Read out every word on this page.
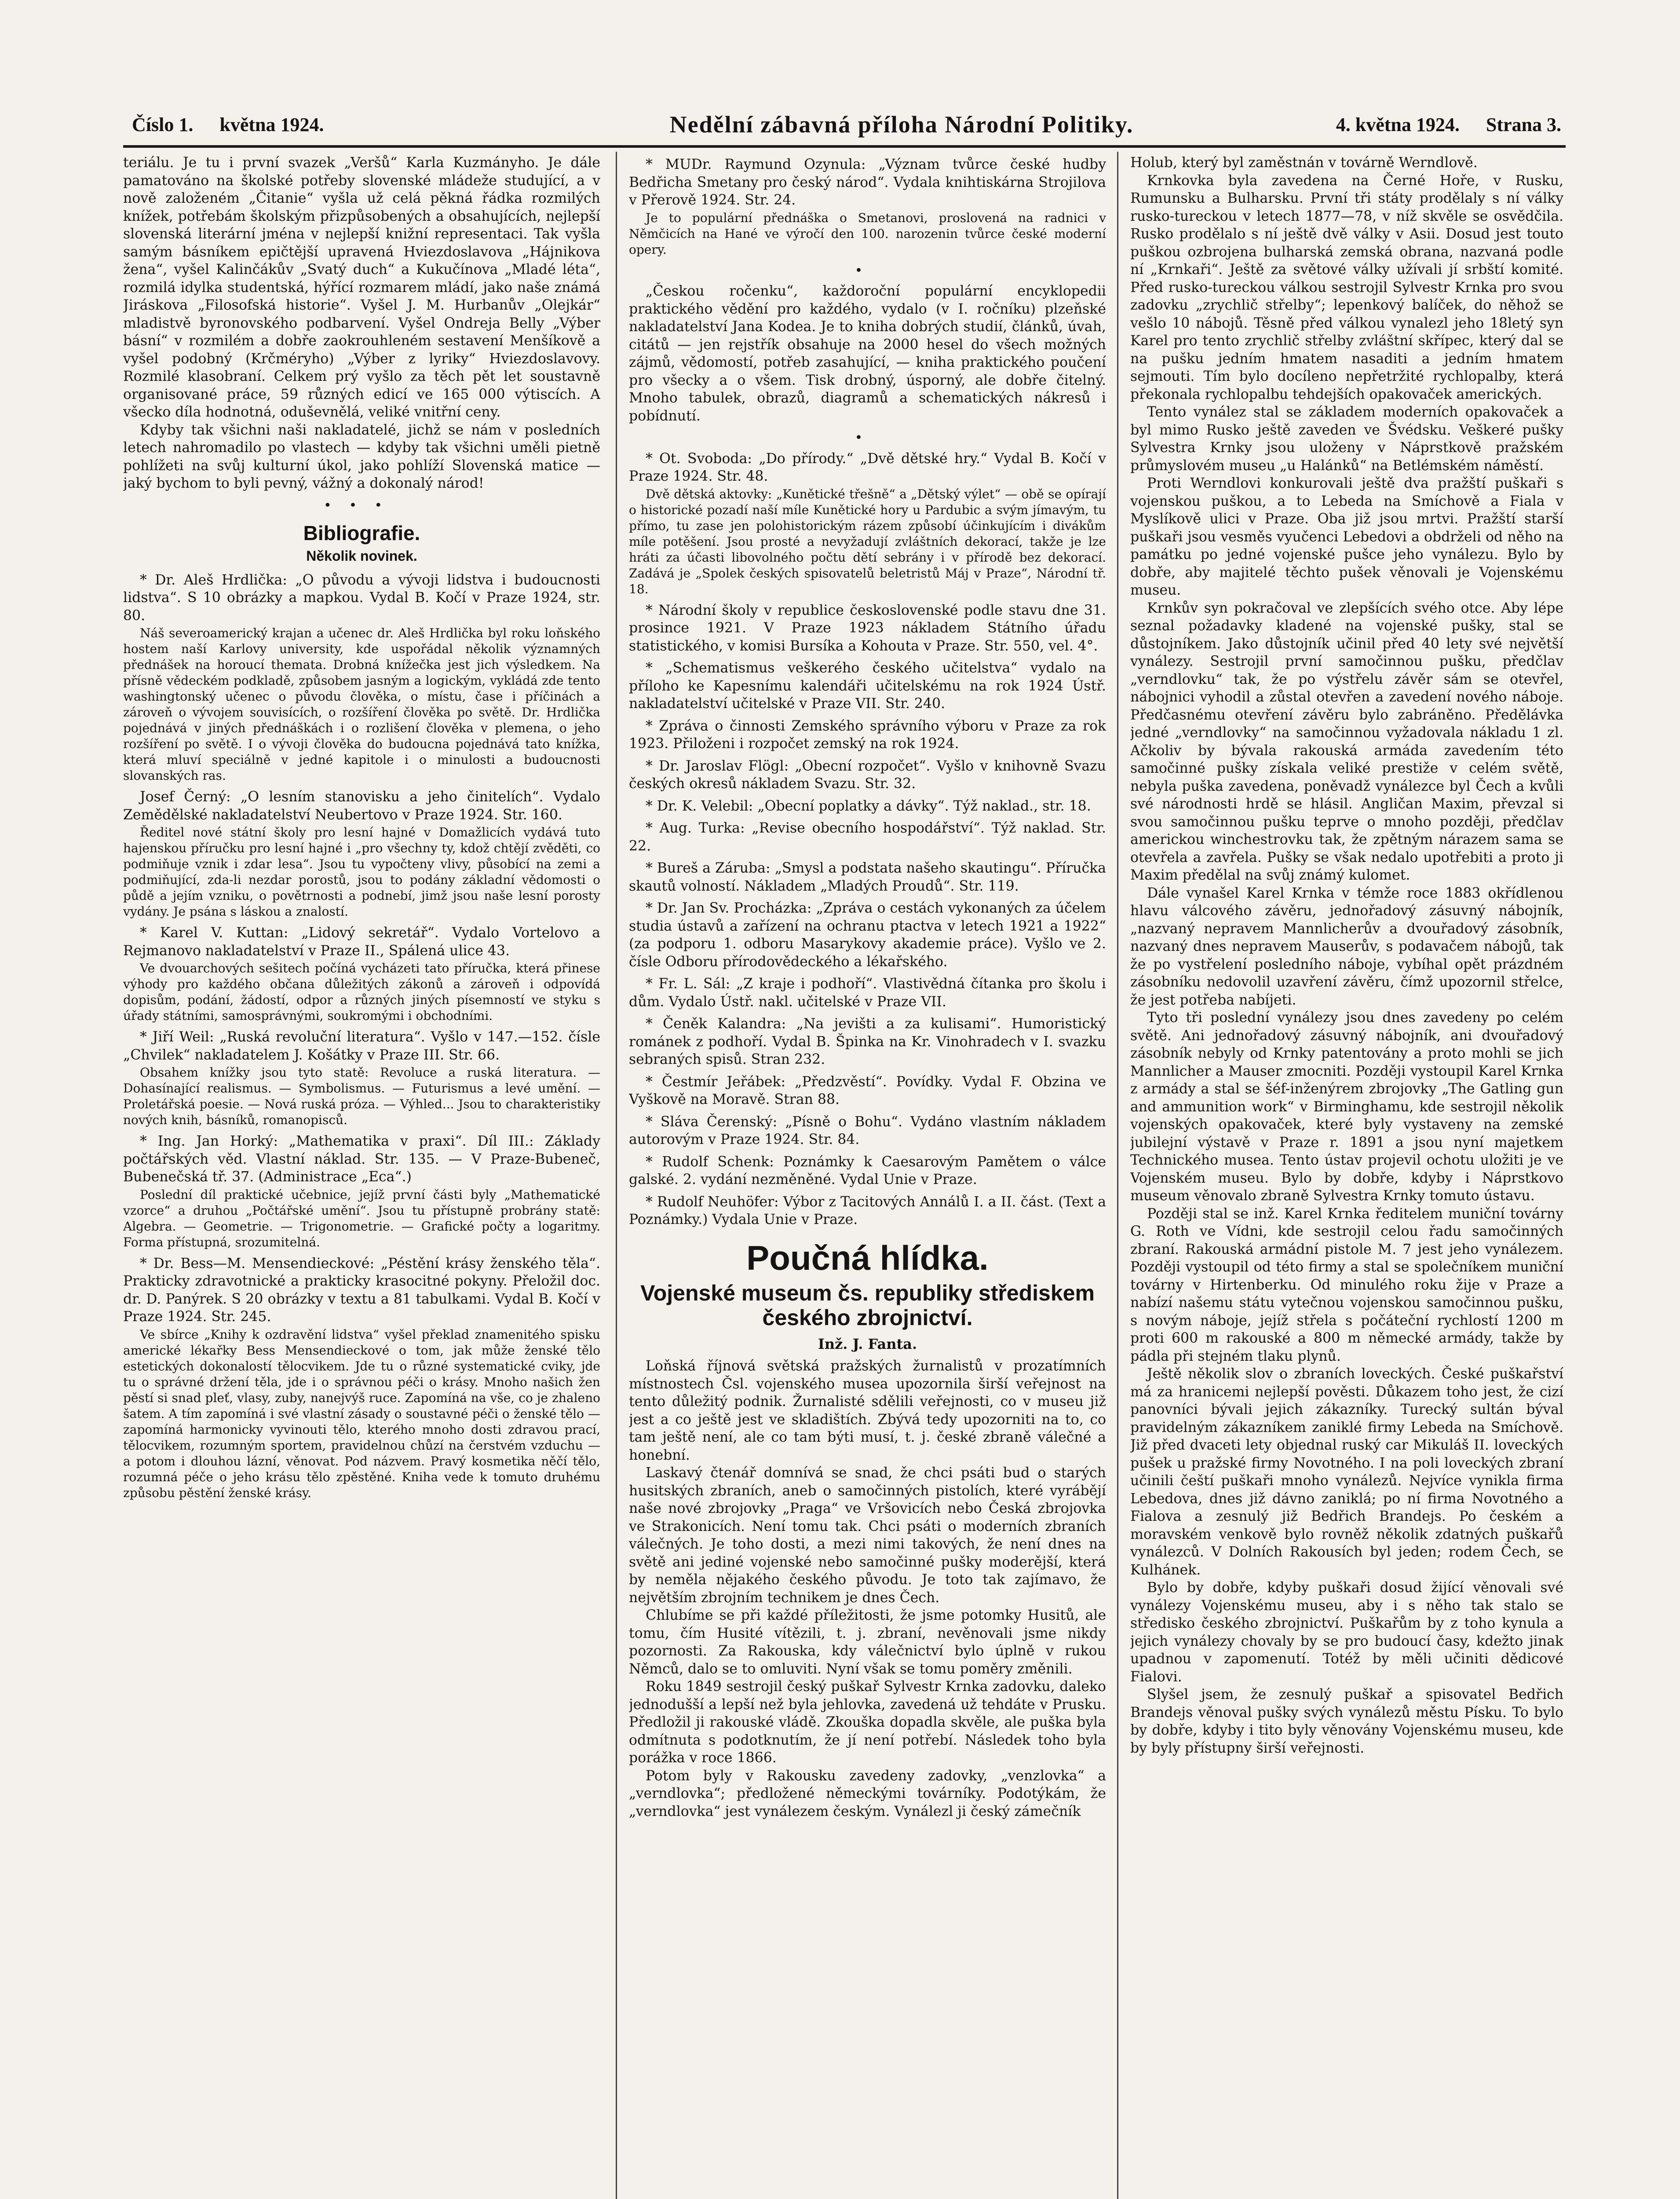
Číslo 1. května 1924.	Nedělní zábavná příloha Národní Politiky.	4. května 1924. Strana 3.

teriálu. Je tu i první svazek „Veršů“ Karla Kuzmányho. Je dále pamatováno na školské potřeby slovenské mládeže studující, a v nově založeném „Čitanie“ vyšla už celá pěkná řádka rozmilých knížek, potřebám školským přizpůsobených a obsahujících, nejlepší slovenská literární jména v nejlepší knižní representaci. Tak vyšla samým básníkem epičtější upravená Hviezdoslavova „Hájnikova žena“, vyšel Kalinčákův „Svatý duch“ a Kukučínova „Mladé léta“, rozmilá idylka studentská, hýřící rozmarem mládí, jako naše známá Jiráskova „Filosofská historie“. Vyšel J. M. Hurbanův „Olejkár“ mladistvě byronovského podbarvení. Vyšel Ondreja Belly „Výber básní“ v rozmilém a dobře zaokrouhleném sestavení Menšíkově a vyšel podobný (Krčméryho) „Výber z lyriky“ Hviezdoslavovy. Rozmilé klasobraní. Celkem prý vyšlo za těch pět let soustavně organisované práce, 59 různých edicí ve 165 000 výtiscích. A všecko díla hodnotná, oduševnělá, veliké vnitřní ceny.

Kdyby tak všichni naši nakladatelé, jichž se nám v posledních letech nahromadilo po vlastech — kdyby tak všichni uměli pietně pohlížeti na svůj kulturní úkol, jako pohlíží Slovenská matice — jaký bychom to byli pevný, vážný a dokonalý národ!

•••
Bibliografie.
Několik novinek.

* Dr. Aleš Hrdlička: „O původu a vývoji lidstva i budoucnosti lidstva“. S 10 obrázky a mapkou. Vydal B. Kočí v Praze 1924, str. 80.

Náš severoamerický krajan a učenec dr. Aleš Hrdlička byl roku loňského hostem naší Karlovy university, kde uspořádal několik významných přednášek na horoucí themata. Drobná knížečka jest jich výsledkem. Na přísně vědeckém podkladě, způsobem jasným a logickým, vykládá zde tento washingtonský učenec o původu člověka, o místu, čase i příčinách a zároveň o vývojem souvisících, o rozšíření člověka po světě. Dr. Hrdlička pojednává v jiných přednáškách i o rozlišení člověka v plemena, o jeho rozšíření po světě. I o vývoji člověka do budoucna pojednává tato knížka, která mluví speciálně v jedné kapitole i o minulosti a budoucnosti slovanských ras.

Josef Černý: „O lesním stanovisku a jeho činitelích“. Vydalo Zemědělské nakladatelství Neubertovo v Praze 1924. Str. 160.

Ředitel nové státní školy pro lesní hajné v Domažlicích vydává tuto hajenskou příručku pro lesní hajné i „pro všechny ty, kdož chtějí zvěděti, co podmiňuje vznik i zdar lesa“. Jsou tu vypočteny vlivy, působící na zemi a podmiňující, zda-li nezdar porostů, jsou to podány základní vědomosti o půdě a jejím vzniku, o povětrnosti a podnebí, jimž jsou naše lesní porosty vydány. Je psána s láskou a znalostí.

* Karel V. Kuttan: „Lidový sekretář“. Vydalo Vortelovo a Rejmanovo nakladatelství v Praze II., Spálená ulice 43.

Ve dvouarchových sešitech počíná vycházeti tato příručka, která přinese výhody pro každého občana důležitých zákonů a zároveň i odpovídá dopisům, podání, žádostí, odpor a různých jiných písemností ve styku s úřady státními, samosprávnými, soukromými i obchodními.

* Jiří Weil: „Ruská revoluční literatura“. Vyšlo v 147.—152. čísle „Chvilek“ nakladatelem J. Košátky v Praze III. Str. 66.

Obsahem knížky jsou tyto statě: Revoluce a ruská literatura. — Dohasínající realismus. — Symbolismus. — Futurismus a levé umění. — Proletářská poesie. — Nová ruská próza. — Výhled... Jsou to charakteristiky nových knih, básníků, romanopisců.

* Ing. Jan Horký: „Mathematika v praxi“. Díl III.: Základy počtářských věd. Vlastní náklad. Str. 135. — V Praze-Bubeneč, Bubenečská tř. 37. (Administrace „Eca“.)

Poslední díl praktické učebnice, jejíž první části byly „Mathematické vzorce“ a druhou „Počtářské umění“. Jsou tu přístupně probrány statě: Algebra. — Geometrie. — Trigonometrie. — Grafické počty a logaritmy. Forma přístupná, srozumitelná.

* Dr. Bess—M. Mensendieckové: „Péstění krásy ženského těla“. Prakticky zdravotnické a prakticky krasocitné pokyny. Přeložil doc. dr. D. Panýrek. S 20 obrázky v textu a 81 tabulkami. Vydal B. Kočí v Praze 1924. Str. 245.

Ve sbírce „Knihy k ozdravění lidstva“ vyšel překlad znamenitého spisku americké lékařky Bess Mensendieckové o tom, jak může ženské tělo estetických dokonalostí tělocvikem. Jde tu o různé systematické cviky, jde tu o správné držení těla, jde i o správnou péči o krásy. Mnoho našich žen pěstí si snad pleť, vlasy, zuby, nanejvýš ruce. Zapomíná na vše, co je zhaleno šatem. A tím zapomíná i své vlastní zásady o soustavné péči o ženské tělo — zapomíná harmonicky vyvinouti tělo, kterého mnoho dosti zdravou prací, tělocvikem, rozumným sportem, pravidelnou chůzí na čerstvém vzduchu — a potom i dlouhou lázní, věnovat. Pod názvem. Pravý kosmetika něčí tělo, rozumná péče o jeho krásu tělo zpěstěné. Kniha vede k tomuto druhému způsobu pěstění ženské krásy.

* MUDr. Raymund Ozynula: „Význam tvůrce české hudby Bedřicha Smetany pro český národ“. Vydala knihtiskárna Strojilova v Přerově 1924. Str. 24.

Je to populární přednáška o Smetanovi, proslovená na radnici v Němčicích na Hané ve výročí den 100. narozenin tvůrce české moderní opery.

•

„Českou ročenku“, každoroční populární encyklopedii praktického vědění pro každého, vydalo (v I. ročníku) plzeňské nakladatelství Jana Kodea. Je to kniha dobrých studií, článků, úvah, citátů — jen rejstřík obsahuje na 2000 hesel do všech možných zájmů, vědomostí, potřeb zasahující, — kniha praktického poučení pro všecky a o všem. Tisk drobný, úsporný, ale dobře čitelný. Mnoho tabulek, obrazů, diagramů a schematických nákresů i pobídnutí.

•

* Ot. Svoboda: „Do přírody.“ „Dvě dětské hry.“ Vydal B. Kočí v Praze 1924. Str. 48.

Dvě dětská aktovky: „Kunětické třešně“ a „Dětský výlet“ — obě se opírají o historické pozadí naší míle Kunětické hory u Pardubic a svým jímavým, tu přímo, tu zase jen polohistorickým rázem způsobí účinkujícím i divákům míle potěšení. Jsou prosté a nevyžadují zvláštních dekorací, takže je lze hráti za účasti libovolného počtu dětí sebrány i v přírodě bez dekorací. Zadává je „Spolek českých spisovatelů beletristů Máj v Praze“, Národní tř. 18.

* Národní školy v republice československé podle stavu dne 31. prosince 1921. V Praze 1923 nákladem Státního úřadu statistického, v komisi Bursíka a Kohouta v Praze. Str. 550, vel. 4°.

* „Schematismus veškerého českého učitelstva“ vydalo na příloho ke Kapesnímu kalendáři učitelskému na rok 1924 Ústř. nakladatelství učitelské v Praze VII. Str. 240.

* Zpráva o činnosti Zemského správního výboru v Praze za rok 1923. Přiloženi i rozpočet zemský na rok 1924.

* Dr. Jaroslav Flögl: „Obecní rozpočet“. Vyšlo v knihovně Svazu českých okresů nákladem Svazu. Str. 32.

* Dr. K. Velebil: „Obecní poplatky a dávky“. Týž naklad., str. 18.

* Aug. Turka: „Revise obecního hospodářství“. Týž naklad. Str. 22.

* Bureš a Záruba: „Smysl a podstata našeho skautingu“. Příručka skautů volností. Nákladem „Mladých Proudů“. Str. 119.

* Dr. Jan Sv. Procházka: „Zpráva o cestách vykonaných za účelem studia ústavů a zařízení na ochranu ptactva v letech 1921 a 1922“ (za podporu 1. odboru Masarykovy akademie práce). Vyšlo ve 2. čísle Odboru přírodovědeckého a lékařského.

* Fr. L. Sál: „Z kraje i podhoří“. Vlastivědná čítanka pro školu i dům. Vydalo Ústř. nakl. učitelské v Praze VII.

* Čeněk Kalandra: „Na jevišti a za kulisami“. Humoristický románek z podhoří. Vydal B. Špinka na Kr. Vinohradech v I. svazku sebraných spisů. Stran 232.

* Čestmír Jeřábek: „Předzvěstí“. Povídky. Vydal F. Obzina ve Vyškově na Moravě. Stran 88.

* Sláva Čerenský: „Písně o Bohu“. Vydáno vlastním nákladem autorovým v Praze 1924. Str. 84.

* Rudolf Schenk: Poznámky k Caesarovým Pamětem o válce galské. 2. vydání nezměněné. Vydal Unie v Praze.

* Rudolf Neuhöfer: Výbor z Tacitových Annálů I. a II. část. (Text a Poznámky.) Vydala Unie v Praze.

Poučná hlídka.
Vojenské museum čs. republiky střediskem českého zbrojnictví.
Inž. J. Fanta.

Loňská říjnová světská pražských žurnalistů v prozatímních místnostech Čsl. vojenského musea upozornila širší veřejnost na tento důležitý podnik. Žurnalisté sdělili veřejnosti, co v museu již jest a co ještě jest ve skladištích. Zbývá tedy upozorniti na to, co tam ještě není, ale co tam býti musí, t. j. české zbraně válečné a honební.

Laskavý čtenář domnívá se snad, že chci psáti bud o starých husitských zbraních, aneb o samočinných pistolích, které vyrábějí naše nové zbrojovky „Praga“ ve Vršovicích nebo Česká zbrojovka ve Strakonicích. Není tomu tak. Chci psáti o moderních zbraních válečných. Je toho dosti, a mezi nimi takových, že není dnes na světě ani jediné vojenské nebo samočinné pušky moderější, která by neměla nějakého českého původu. Je toto tak zajímavo, že největším zbrojním technikem je dnes Čech.

Chlubíme se při každé příležitosti, že jsme potomky Husitů, ale tomu, čím Husité vítězili, t. j. zbraní, nevěnovali jsme nikdy pozornosti. Za Rakouska, kdy válečnictví bylo úplně v rukou Němců, dalo se to omluviti. Nyní však se tomu poměry změnili.

Roku 1849 sestrojil český puškař Sylvestr Krnka zadovku, daleko jednodušší a lepší než byla jehlovka, zavedená už tehdáte v Prusku. Předložil ji rakouské vládě. Zkouška dopadla skvěle, ale puška byla odmítnuta s podotknutím, že jí není potřebí. Následek toho byla porážka v roce 1866.

Potom byly v Rakousku zavedeny zadovky, „venzlovka“ a „verndlovka“; předložené německými továrníky. Podotýkám, že „verndlovka“ jest vynálezem českým. Vynálezl ji český zámečník

Holub, který byl zaměstnán v továrně Werndlově.

Krnkovka byla zavedena na Černé Hoře, v Rusku, Rumunsku a Bulharsku. První tři státy prodělaly s ní války rusko-tureckou v letech 1877—78, v níž skvěle se osvědčila. Rusko prodělalo s ní ještě dvě války v Asii. Dosud jest touto puškou ozbrojena bulharská zemská obrana, nazvaná podle ní „Krnkaři“. Ještě za světové války užívali jí srbští komité. Před rusko-tureckou válkou sestrojil Sylvestr Krnka pro svou zadovku „zrychlič střelby“; lepenkový balíček, do něhož se vešlo 10 nábojů. Těsně před válkou vynalezl jeho 18letý syn Karel pro tento zrychlič střelby zvláštní skřípec, který dal se na pušku jedním hmatem nasaditi a jedním hmatem sejmouti. Tím bylo docíleno nepřetržité rychlopalby, která překonala rychlopalbu tehdejších opakovaček amerických.

Tento vynález stal se základem moderních opakovaček a byl mimo Rusko ještě zaveden ve Švédsku. Veškeré pušky Sylvestra Krnky jsou uloženy v Náprstkově pražském průmyslovém museu „u Halánků“ na Betlémském náměstí.

Proti Werndlovi konkurovali ještě dva pražští puškaři s vojenskou puškou, a to Lebeda na Smíchově a Fiala v Myslíkově ulici v Praze. Oba již jsou mrtvi. Pražští starší puškaři jsou vesměs vyučenci Lebedovi a obdrželi od něho na památku po jedné vojenské pušce jeho vynálezu. Bylo by dobře, aby majitelé těchto pušek věnovali je Vojenskému museu.

Krnkův syn pokračoval ve zlepšících svého otce. Aby lépe seznal požadavky kladené na vojenské pušky, stal se důstojníkem. Jako důstojník učinil před 40 lety své největší vynálezy. Sestrojil první samočinnou pušku, předčlav „verndlovku“ tak, že po výstřelu závěr sám se otevřel, nábojnici vyhodil a zůstal otevřen a zavedení nového náboje. Předčasnému otevření závěru bylo zabráněno. Předělávka jedné „verndlovky“ na samočinnou vyžadovala nákladu 1 zl. Ačkoliv by bývala rakouská armáda zavedením této samočinné pušky získala veliké prestiže v celém světě, nebyla puška zavedena, poněvadž vynálezce byl Čech a kvůli své národnosti hrdě se hlásil. Angličan Maxim, převzal si svou samočinnou pušku teprve o mnoho později, předčlav americkou winchestrovku tak, že zpětným nárazem sama se otevřela a zavřela. Pušky se však nedalo upotřebiti a proto ji Maxim předělal na svůj známý kulomet.

Dále vynašel Karel Krnka v témže roce 1883 okřídlenou hlavu válcového závěru, jednořadový zásuvný nábojník, „nazvaný nepravem Mannlicherův a dvouřadový zásobník, nazvaný dnes nepravem Mauserův, s podavačem nábojů, tak že po vystřelení posledního náboje, vybíhal opět prázdném zásobníku nedovolil uzavření závěru, čímž upozornil střelce, že jest potřeba nabíjeti.

Tyto tři poslední vynálezy jsou dnes zavedeny po celém světě. Ani jednořadový zásuvný nábojník, ani dvouřadový zásobník nebyly od Krnky patentovány a proto mohli se jich Mannlicher a Mauser zmocniti. Později vystoupil Karel Krnka z armády a stal se šéf-inženýrem zbrojovky „The Gatling gun and ammunition work“ v Birminghamu, kde sestrojil několik vojenských opakovaček, které byly vystaveny na zemské jubilejní výstavě v Praze r. 1891 a jsou nyní majetkem Technického musea. Tento ústav projevil ochotu uložiti je ve Vojenském museu. Bylo by dobře, kdyby i Náprstkovo museum věnovalo zbraně Sylvestra Krnky tomuto ústavu.

Později stal se inž. Karel Krnka ředitelem muniční továrny G. Roth ve Vídni, kde sestrojil celou řadu samočinných zbraní. Rakouská armádní pistole M. 7 jest jeho vynálezem. Později vystoupil od této firmy a stal se společníkem muniční továrny v Hirtenberku. Od minulého roku žije v Praze a nabízí našemu státu vytečnou vojenskou samočinnou pušku, s novým náboje, jejíž střela s počáteční rychlostí 1200 m proti 600 m rakouské a 800 m německé armády, takže by pádla při stejném tlaku plynů.

Ještě několik slov o zbraních loveckých. České puškařství má za hranicemi nejlepší pověsti. Důkazem toho jest, že cizí panovníci bývali jejich zákazníky. Turecký sultán býval pravidelným zákazníkem zaniklé firmy Lebeda na Smíchově. Již před dvaceti lety objednal ruský car Mikuláš II. loveckých pušek u pražské firmy Novotného. I na poli loveckých zbraní učinili čeští puškaři mnoho vynálezů. Nejvíce vynikla firma Lebedova, dnes již dávno zaniklá; po ní firma Novotného a Fialova a zesnulý již Bedřich Brandejs. Po českém a moravském venkově bylo rovněž několik zdatných puškařů vynálezců. V Dolních Rakousích byl jeden; rodem Čech, se Kulhánek.

Bylo by dobře, kdyby puškaři dosud žijící věnovali své vynálezy Vojenskému museu, aby i s něho tak stalo se středisko českého zbrojnictví. Puškařům by z toho kynula a jejich vynálezy chovaly by se pro budoucí časy, kdežto jinak upadnou v zapomenutí. Totéž by měli učiniti dědicové Fialovi.

Slyšel jsem, že zesnulý puškař a spisovatel Bedřich Brandejs věnoval pušky svých vynálezů městu Písku. To bylo by dobře, kdyby i tito byly věnovány Vojenskému museu, kde by byly přístupny širší veřejnosti.
